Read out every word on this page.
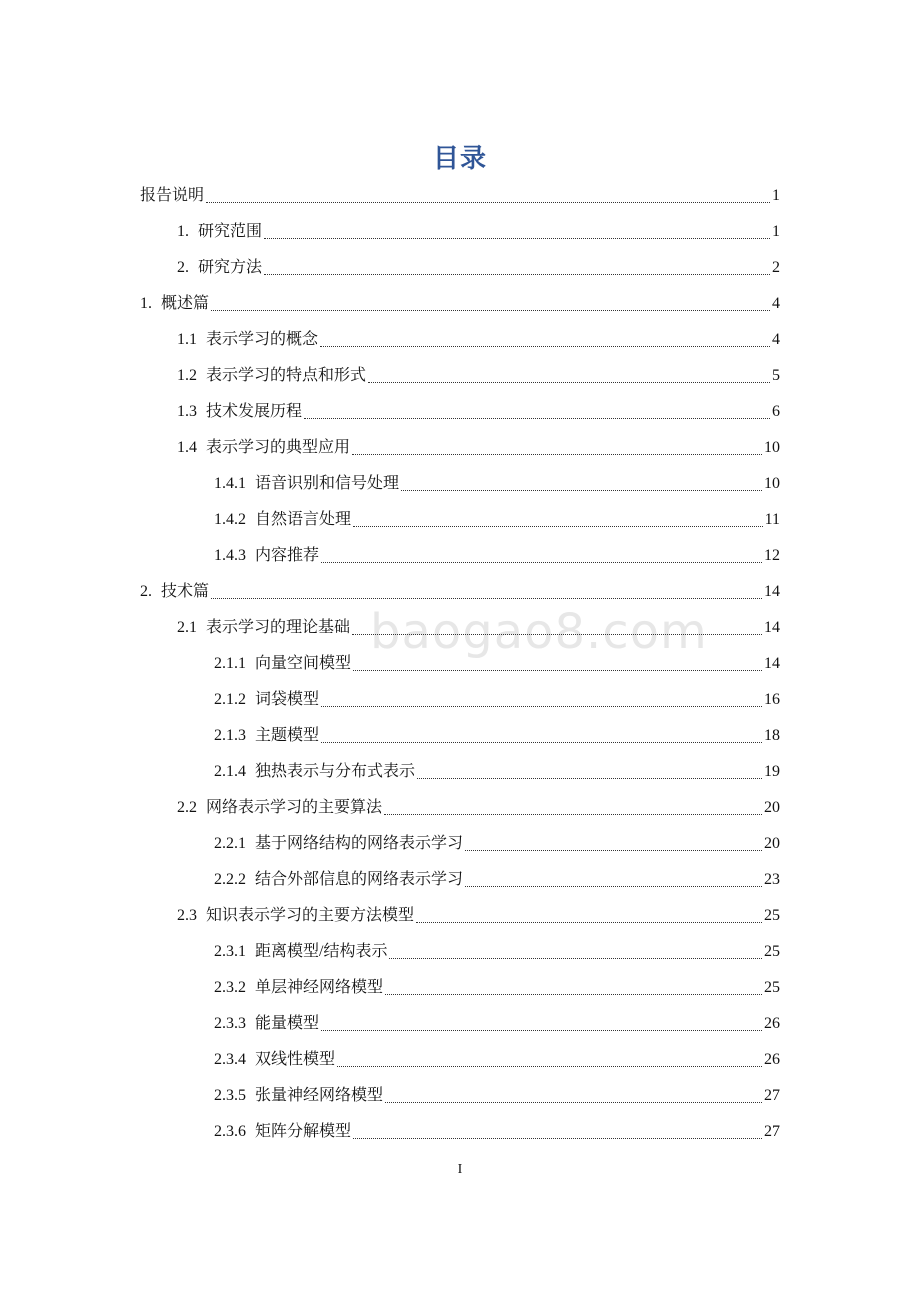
目录
baogao8.com
报告说明	1
1. 研究范围	1
2. 研究方法	2
1. 概述篇	4
1.1 表示学习的概念	4
1.2 表示学习的特点和形式	5
1.3 技术发展历程	6
1.4 表示学习的典型应用	10
1.4.1 语音识别和信号处理	10
1.4.2 自然语言处理	11
1.4.3 内容推荐	12
2. 技术篇	14
2.1 表示学习的理论基础	14
2.1.1 向量空间模型	14
2.1.2 词袋模型	16
2.1.3 主题模型	18
2.1.4 独热表示与分布式表示	19
2.2 网络表示学习的主要算法	20
2.2.1 基于网络结构的网络表示学习	20
2.2.2 结合外部信息的网络表示学习	23
2.3 知识表示学习的主要方法模型	25
2.3.1 距离模型/结构表示	25
2.3.2 单层神经网络模型	25
2.3.3 能量模型	26
2.3.4 双线性模型	26
2.3.5 张量神经网络模型	27
2.3.6 矩阵分解模型	27
I
